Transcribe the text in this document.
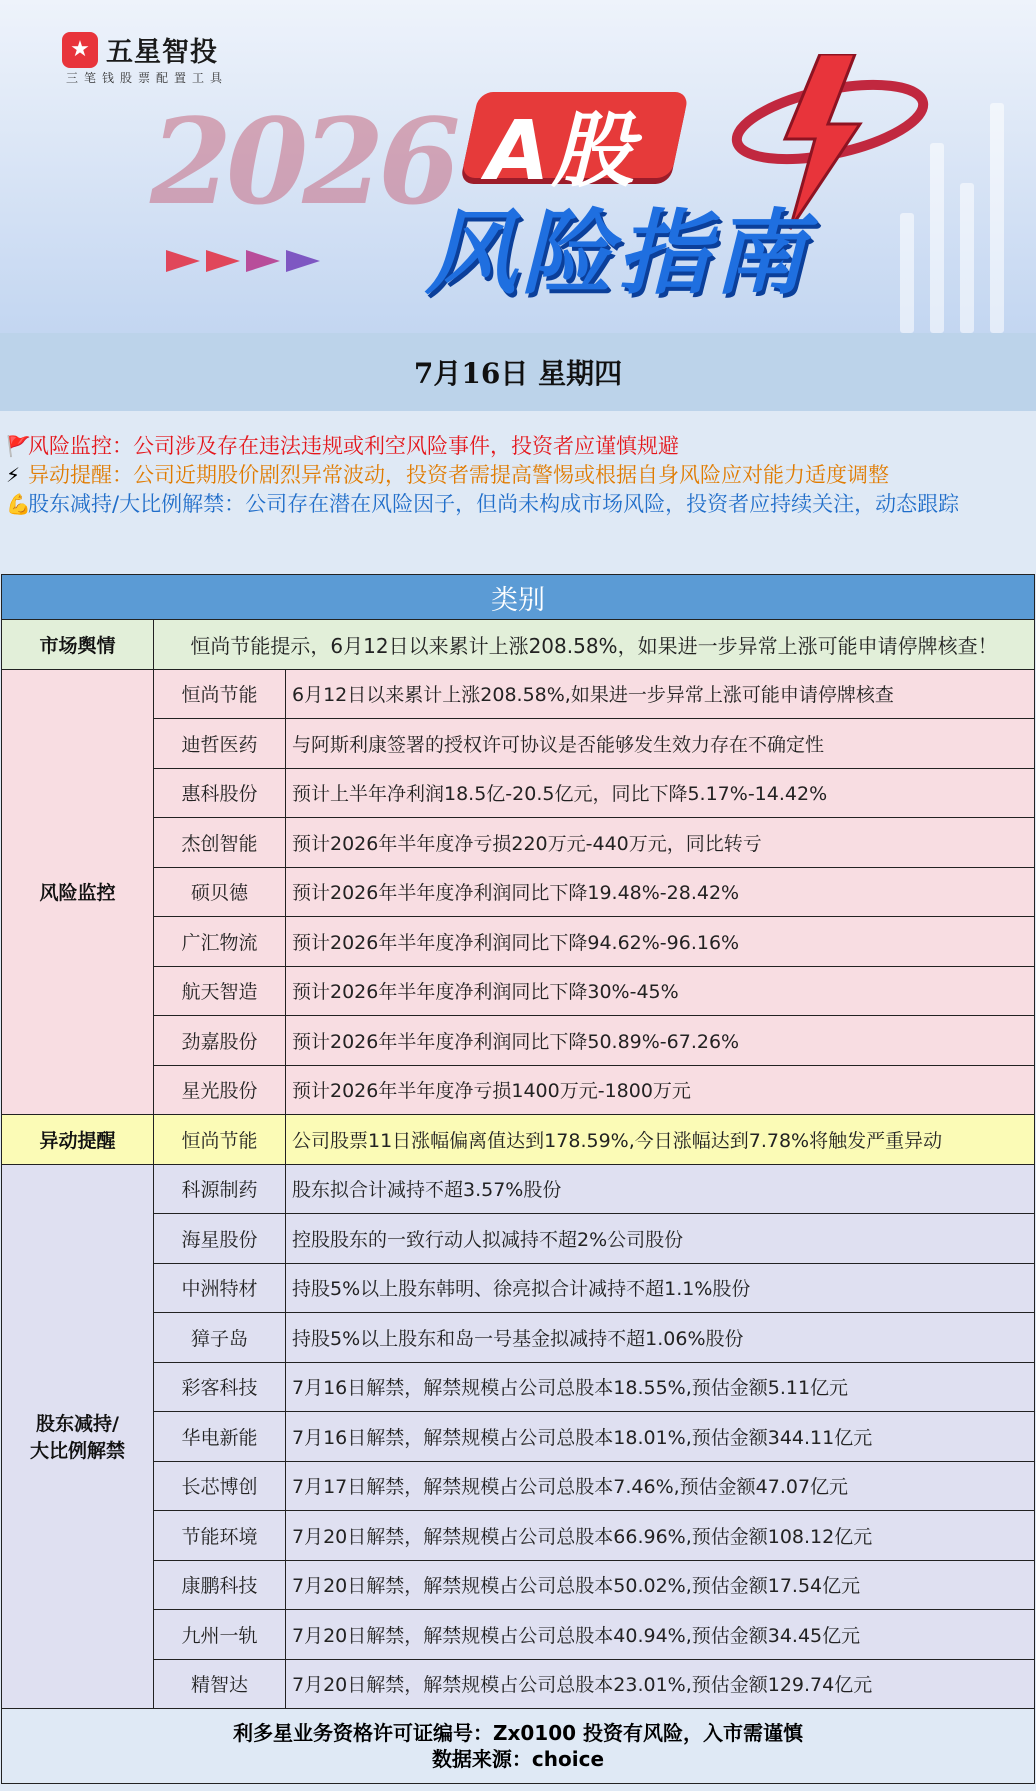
★ 五星智投
三笔钱股票配置工具
2026 A股
风险指南
7月16日 星期四
🚩风险监控：公司涉及存在违法违规或利空风险事件，投资者应谨慎规避
⚡ 异动提醒：公司近期股价剧烈异常波动，投资者需提高警惕或根据自身风险应对能力适度调整
💪股东减持/大比例解禁：公司存在潜在风险因子，但尚未构成市场风险，投资者应持续关注，动态跟踪
类别		
市场舆情	恒尚节能提示，6月12日以来累计上涨208.58%，如果进一步异常上涨可能申请停牌核查！	
风险监控	恒尚节能	6月12日以来累计上涨208.58%,如果进一步异常上涨可能申请停牌核查
	迪哲医药	与阿斯利康签署的授权许可协议是否能够发生效力存在不确定性
	惠科股份	预计上半年净利润18.5亿-20.5亿元，同比下降5.17%-14.42%
	杰创智能	预计2026年半年度净亏损220万元-440万元，同比转亏
	硕贝德	预计2026年半年度净利润同比下降19.48%-28.42%
	广汇物流	预计2026年半年度净利润同比下降94.62%-96.16%
	航天智造	预计2026年半年度净利润同比下降30%-45%
	劲嘉股份	预计2026年半年度净利润同比下降50.89%-67.26%
	星光股份	预计2026年半年度净亏损1400万元-1800万元
异动提醒	恒尚节能	公司股票11日涨幅偏离值达到178.59%,今日涨幅达到7.78%将触发严重异动
股东减持/
大比例解禁	科源制药	股东拟合计减持不超3.57%股份
	海星股份	控股股东的一致行动人拟减持不超2%公司股份
	中洲特材	持股5%以上股东韩明、徐亮拟合计减持不超1.1%股份
	獐子岛	持股5%以上股东和岛一号基金拟减持不超1.06%股份
	彩客科技	7月16日解禁，解禁规模占公司总股本18.55%,预估金额5.11亿元
	华电新能	7月16日解禁，解禁规模占公司总股本18.01%,预估金额344.11亿元
	长芯博创	7月17日解禁，解禁规模占公司总股本7.46%,预估金额47.07亿元
	节能环境	7月20日解禁，解禁规模占公司总股本66.96%,预估金额108.12亿元
	康鹏科技	7月20日解禁，解禁规模占公司总股本50.02%,预估金额17.54亿元
	九州一轨	7月20日解禁，解禁规模占公司总股本40.94%,预估金额34.45亿元
	精智达	7月20日解禁，解禁规模占公司总股本23.01%,预估金额129.74亿元
利多星业务资格许可证编号：Zx0100 投资有风险，入市需谨慎
数据来源：choice		
